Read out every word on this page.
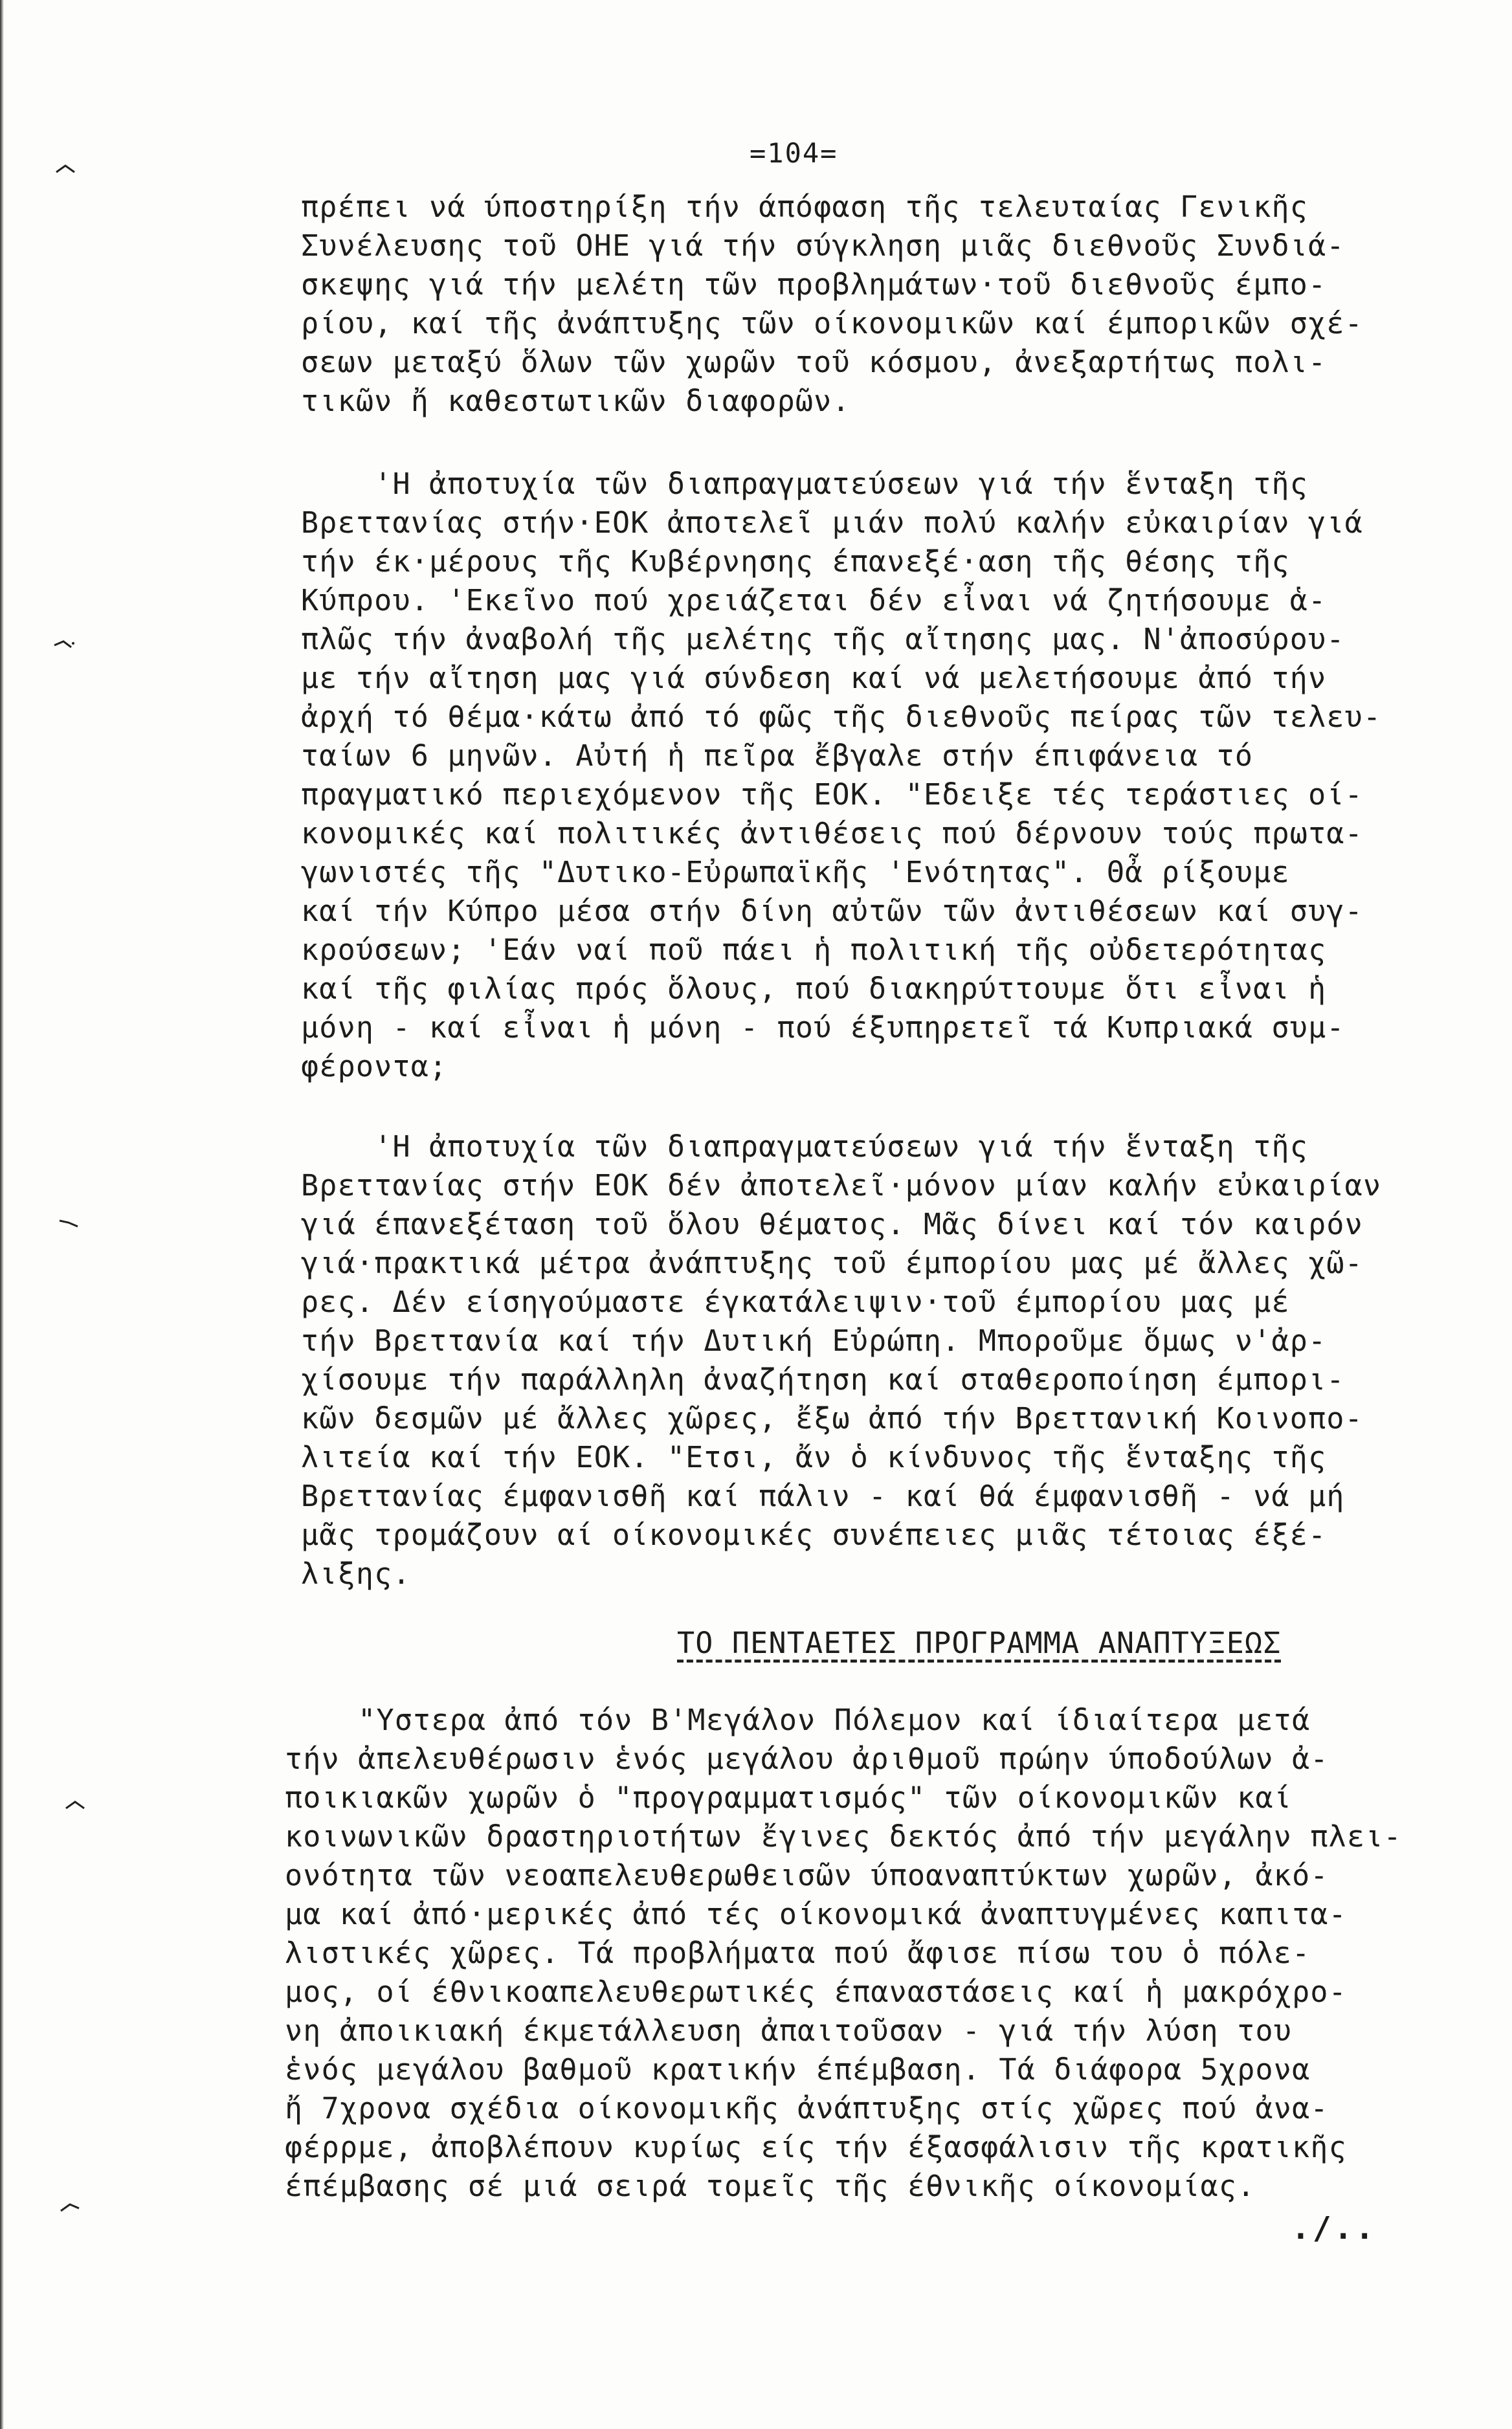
=104=
πρέπει νά ύποστηρίξη τήν άπόφαση τῆς τελευταίας Γενικῆς
Συνέλευσης τοῦ ΟΗΕ γιά τήν σύγκληση μιᾶς διεθνοῦς Συνδιά-
σκεψης γιά τήν μελέτη τῶν προβλημάτων·τοῦ διεθνοῦς έμπο-
ρίου, καί τῆς ἀνάπτυξης τῶν οίκονομικῶν καί έμπορικῶν σχέ-
σεων μεταξύ ὅλων τῶν χωρῶν τοῦ κόσμου, ἀνεξαρτήτως πολι-
τικῶν ἤ καθεστωτικῶν διαφορῶν.
'Η ἀποτυχία τῶν διαπραγματεύσεων γιά τήν ἕνταξη τῆς
Βρεττανίας στήν·ΕΟΚ ἀποτελεῖ μιάν πολύ καλήν εὐκαιρίαν γιά
τήν έκ·μέρους τῆς Κυβέρνησης έπανεξέ·αση τῆς θέσης τῆς
Κύπρου. 'Εκεῖνο πού χρειάζεται δέν εἶναι νά ζητήσουμε ἁ-
πλῶς τήν ἀναβολή τῆς μελέτης τῆς αἴτησης μας. Ν'ἀποσύρου-
με τήν αἴτηση μας γιά σύνδεση καί νά μελετήσουμε ἀπό τήν
ἀρχή τό θέμα·κάτω ἀπό τό φῶς τῆς διεθνοῦς πείρας τῶν τελευ-
ταίων 6 μηνῶν. Αὐτή ἡ πεῖρα ἔβγαλε στήν έπιφάνεια τό
πραγματικό περιεχόμενον τῆς ΕΟΚ. "Εδειξε τές τεράστιες οί-
κονομικές καί πολιτικές ἀντιθέσεις πού δέρνουν τούς πρωτα-
γωνιστές τῆς "Δυτικο-Εὐρωπαϊκῆς 'Ενότητας". Θἆ ρίξουμε
καί τήν Κύπρο μέσα στήν δίνη αὐτῶν τῶν ἀντιθέσεων καί συγ-
κρούσεων; 'Εάν ναί ποῦ πάει ἡ πολιτική τῆς οὐδετερότητας
καί τῆς φιλίας πρός ὅλους, πού διακηρύττουμε ὅτι εἶναι ἡ
μόνη - καί εἶναι ἡ μόνη - πού έξυπηρετεῖ τά Κυπριακά συμ-
φέροντα;
'Η ἀποτυχία τῶν διαπραγματεύσεων γιά τήν ἕνταξη τῆς
Βρεττανίας στήν ΕΟΚ δέν ἀποτελεῖ·μόνον μίαν καλήν εὐκαιρίαν
γιά έπανεξέταση τοῦ ὅλου θέματος. Μᾶς δίνει καί τόν καιρόν
γιά·πρακτικά μέτρα ἀνάπτυξης τοῦ έμπορίου μας μέ ἄλλες χῶ-
ρες. Δέν είσηγούμαστε έγκατάλειψιν·τοῦ έμπορίου μας μέ
τήν Βρεττανία καί τήν Δυτική Εὐρώπη. Μποροῦμε ὅμως ν'ἀρ-
χίσουμε τήν παράλληλη ἀναζήτηση καί σταθεροποίηση έμπορι-
κῶν δεσμῶν μέ ἄλλες χῶρες, ἔξω ἀπό τήν Βρεττανική Κοινοπο-
λιτεία καί τήν ΕΟΚ. "Ετσι, ἄν ὁ κίνδυνος τῆς ἕνταξης τῆς
Βρεττανίας έμφανισθῆ καί πάλιν - καί θά έμφανισθῆ - νά μή
μᾶς τρομάζουν αί οίκονομικές συνέπειες μιᾶς τέτοιας έξέ-
λιξης.
ΤΟ ΠΕΝΤΑΕΤΕΣ ΠΡΟΓΡΑΜΜΑ ΑΝΑΠΤΥΞΕΩΣ
"Υστερα ἀπό τόν Β'Μεγάλον Πόλεμον καί ίδιαίτερα μετά
τήν ἀπελευθέρωσιν ἑνός μεγάλου ἀριθμοῦ πρώην ύποδούλων ἀ-
ποικιακῶν χωρῶν ὁ "προγραμματισμός" τῶν οίκονομικῶν καί
κοινωνικῶν δραστηριοτήτων ἔγινες δεκτός ἀπό τήν μεγάλην πλει-
ονότητα τῶν νεοαπελευθερωθεισῶν ύποαναπτύκτων χωρῶν, ἀκό-
μα καί ἀπό·μερικές ἀπό τές οίκονομικά ἀναπτυγμένες καπιτα-
λιστικές χῶρες. Τά προβλήματα πού ἄφισε πίσω του ὁ πόλε-
μος, οί έθνικοαπελευθερωτικές έπαναστάσεις καί ἡ μακρόχρο-
νη ἀποικιακή έκμετάλλευση ἀπαιτοῦσαν - γιά τήν λύση του
ἑνός μεγάλου βαθμοῦ κρατικήν έπέμβαση. Τά διάφορα 5χρονα
ἤ 7χρονα σχέδια οίκονομικῆς ἀνάπτυξης στίς χῶρες πού ἀνα-
φέρρμε, ἀποβλέπουν κυρίως είς τήν έξασφάλισιν τῆς κρατικῆς
έπέμβασης σέ μιά σειρά τομεῖς τῆς έθνικῆς οίκονομίας.
./..
